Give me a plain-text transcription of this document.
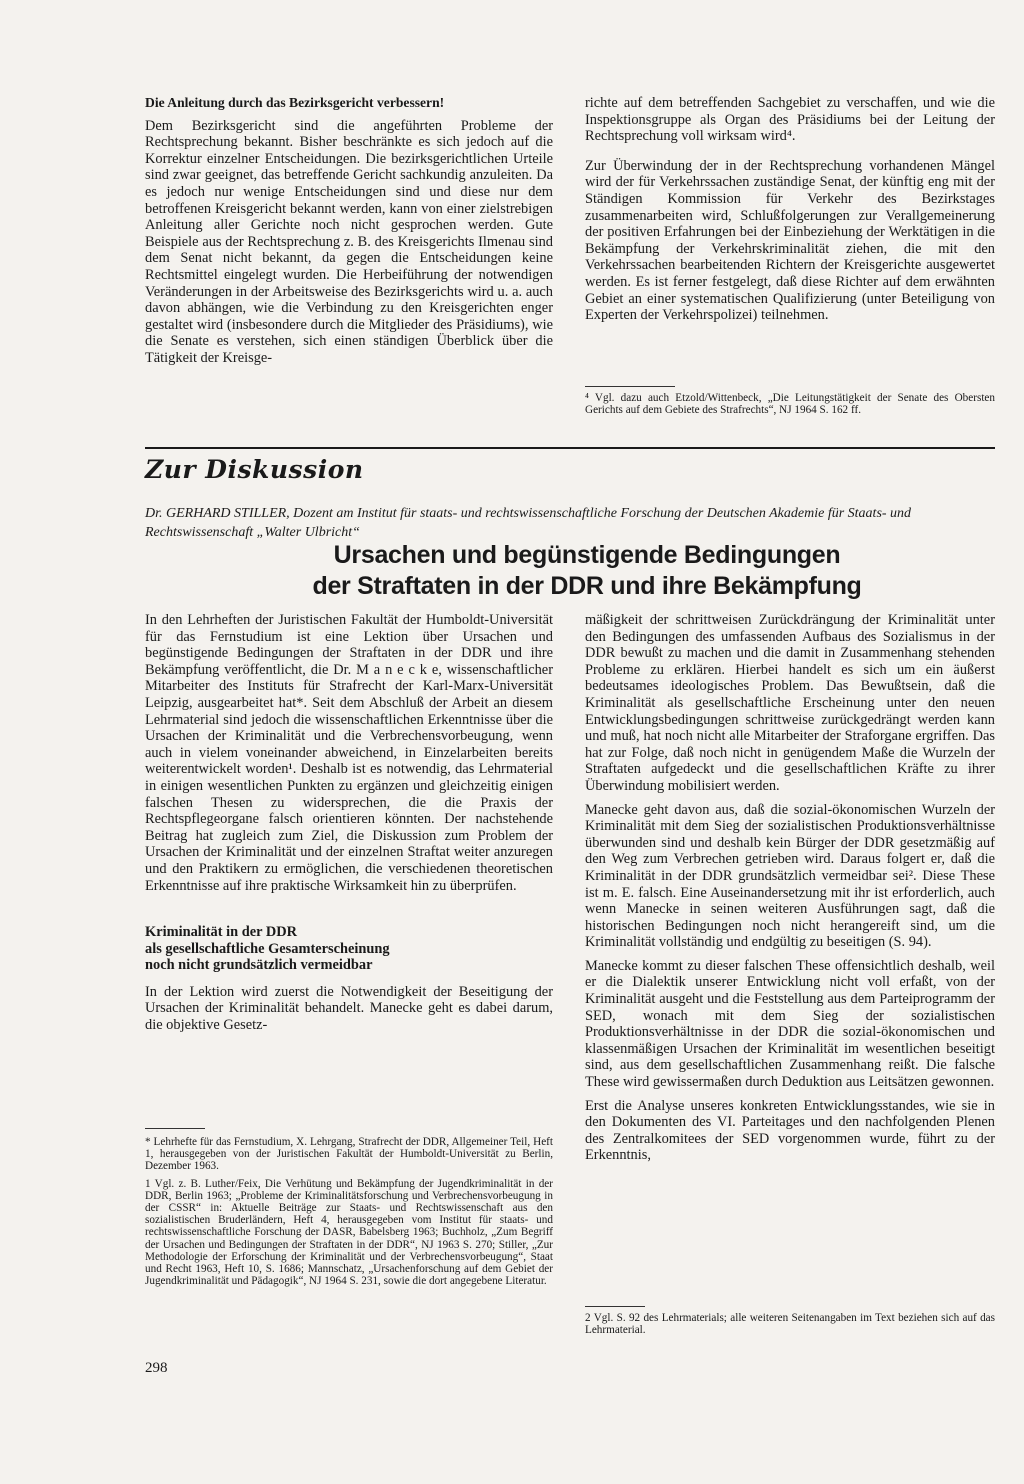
Die Anleitung durch das Bezirksgericht verbessern!

Dem Bezirksgericht sind die angeführten Probleme der Rechtsprechung bekannt. Bisher beschränkte es sich jedoch auf die Korrektur einzelner Entscheidungen. Die bezirksgerichtlichen Urteile sind zwar geeignet, das betreffende Gericht sachkundig anzuleiten. Da es jedoch nur wenige Entscheidungen sind und diese nur dem betroffenen Kreisgericht bekannt werden, kann von einer zielstrebigen Anleitung aller Gerichte noch nicht gesprochen werden. Gute Beispiele aus der Rechtsprechung z. B. des Kreisgerichts Ilmenau sind dem Senat nicht bekannt, da gegen die Entscheidungen keine Rechtsmittel eingelegt wurden. Die Herbeiführung der notwendigen Veränderungen in der Arbeitsweise des Bezirksgerichts wird u. a. auch davon abhängen, wie die Verbindung zu den Kreisgerichten enger gestaltet wird (insbesondere durch die Mitglieder des Präsidiums), wie die Senate es verstehen, sich einen ständigen Überblick über die Tätigkeit der Kreisge-

richte auf dem betreffenden Sachgebiet zu verschaffen, und wie die Inspektionsgruppe als Organ des Präsidiums bei der Leitung der Rechtsprechung voll wirksam wird⁴.

Zur Überwindung der in der Rechtsprechung vorhandenen Mängel wird der für Verkehrssachen zuständige Senat, der künftig eng mit der Ständigen Kommission für Verkehr des Bezirkstages zusammenarbeiten wird, Schlußfolgerungen zur Verallgemeinerung der positiven Erfahrungen bei der Einbeziehung der Werktätigen in die Bekämpfung der Verkehrskriminalität ziehen, die mit den Verkehrssachen bearbeitenden Richtern der Kreisgerichte ausgewertet werden. Es ist ferner festgelegt, daß diese Richter auf dem erwähnten Gebiet an einer systematischen Qualifizierung (unter Beteiligung von Experten der Verkehrspolizei) teilnehmen.

⁴ Vgl. dazu auch Etzold/Wittenbeck, „Die Leitungstätigkeit der Senate des Obersten Gerichts auf dem Gebiete des Strafrechts“, NJ 1964 S. 162 ff.

Zur Diskussion
Dr. GERHARD STILLER, Dozent am Institut für staats- und rechtswissenschaftliche Forschung der Deutschen Akademie für Staats- und Rechtswissenschaft „Walter Ulbricht“
Ursachen und begünstigende Bedingungen
der Straftaten in der DDR und ihre Bekämpfung

In den Lehrheften der Juristischen Fakultät der Humboldt-Universität für das Fernstudium ist eine Lektion über Ursachen und begünstigende Bedingungen der Straftaten in der DDR und ihre Bekämpfung veröffentlicht, die Dr. M a n e c k e, wissenschaftlicher Mitarbeiter des Instituts für Strafrecht der Karl-Marx-Universität Leipzig, ausgearbeitet hat*. Seit dem Abschluß der Arbeit an diesem Lehrmaterial sind jedoch die wissenschaftlichen Erkenntnisse über die Ursachen der Kriminalität und die Verbrechensvorbeugung, wenn auch in vielem voneinander abweichend, in Einzelarbeiten bereits weiterentwickelt worden¹. Deshalb ist es notwendig, das Lehrmaterial in einigen wesentlichen Punkten zu ergänzen und gleichzeitig einigen falschen Thesen zu widersprechen, die die Praxis der Rechtspflegeorgane falsch orientieren könnten. Der nachstehende Beitrag hat zugleich zum Ziel, die Diskussion zum Problem der Ursachen der Kriminalität und der einzelnen Straftat weiter anzuregen und den Praktikern zu ermöglichen, die verschiedenen theoretischen Erkenntnisse auf ihre praktische Wirksamkeit hin zu überprüfen.

Kriminalität in der DDR

als gesellschaftliche Gesamterscheinung

noch nicht grundsätzlich vermeidbar

In der Lektion wird zuerst die Notwendigkeit der Beseitigung der Ursachen der Kriminalität behandelt. Manecke geht es dabei darum, die objektive Gesetz-

* Lehrhefte für das Fernstudium, X. Lehrgang, Strafrecht der DDR, Allgemeiner Teil, Heft 1, herausgegeben von der Juristischen Fakultät der Humboldt-Universität zu Berlin, Dezember 1963.

1 Vgl. z. B. Luther/Feix, Die Verhütung und Bekämpfung der Jugendkriminalität in der DDR, Berlin 1963; „Probleme der Kriminalitätsforschung und Verbrechensvorbeugung in der CSSR“ in: Aktuelle Beiträge zur Staats- und Rechtswissenschaft aus den sozialistischen Bruderländern, Heft 4, herausgegeben vom Institut für staats- und rechtswissenschaftliche Forschung der DASR, Babelsberg 1963; Buchholz, „Zum Begriff der Ursachen und Bedingungen der Straftaten in der DDR“, NJ 1963 S. 270; Stiller, „Zur Methodologie der Erforschung der Kriminalität und der Verbrechensvorbeugung“, Staat und Recht 1963, Heft 10, S. 1686; Mannschatz, „Ursachenforschung auf dem Gebiet der Jugendkriminalität und Pädagogik“, NJ 1964 S. 231, sowie die dort angegebene Literatur.

298

mäßigkeit der schrittweisen Zurückdrängung der Kriminalität unter den Bedingungen des umfassenden Aufbaus des Sozialismus in der DDR bewußt zu machen und die damit in Zusammenhang stehenden Probleme zu erklären. Hierbei handelt es sich um ein äußerst bedeutsames ideologisches Problem. Das Bewußtsein, daß die Kriminalität als gesellschaftliche Erscheinung unter den neuen Entwicklungsbedingungen schrittweise zurückgedrängt werden kann und muß, hat noch nicht alle Mitarbeiter der Straforgane ergriffen. Das hat zur Folge, daß noch nicht in genügendem Maße die Wurzeln der Straftaten aufgedeckt und die gesellschaftlichen Kräfte zu ihrer Überwindung mobilisiert werden.

Manecke geht davon aus, daß die sozial-ökonomischen Wurzeln der Kriminalität mit dem Sieg der sozialistischen Produktionsverhältnisse überwunden sind und deshalb kein Bürger der DDR gesetzmäßig auf den Weg zum Verbrechen getrieben wird. Daraus folgert er, daß die Kriminalität in der DDR grundsätzlich vermeidbar sei². Diese These ist m. E. falsch. Eine Auseinandersetzung mit ihr ist erforderlich, auch wenn Manecke in seinen weiteren Ausführungen sagt, daß die historischen Bedingungen noch nicht herangereift sind, um die Kriminalität vollständig und endgültig zu beseitigen (S. 94).

Manecke kommt zu dieser falschen These offensichtlich deshalb, weil er die Dialektik unserer Entwicklung nicht voll erfaßt, von der Kriminalität ausgeht und die Feststellung aus dem Parteiprogramm der SED, wonach mit dem Sieg der sozialistischen Produktionsverhältnisse in der DDR die sozial-ökonomischen und klassenmäßigen Ursachen der Kriminalität im wesentlichen beseitigt sind, aus dem gesellschaftlichen Zusammenhang reißt. Die falsche These wird gewissermaßen durch Deduktion aus Leitsätzen gewonnen.

Erst die Analyse unseres konkreten Entwicklungsstandes, wie sie in den Dokumenten des VI. Parteitages und den nachfolgenden Plenen des Zentralkomitees der SED vorgenommen wurde, führt zu der Erkenntnis,

2 Vgl. S. 92 des Lehrmaterials; alle weiteren Seitenangaben im Text beziehen sich auf das Lehrmaterial.
